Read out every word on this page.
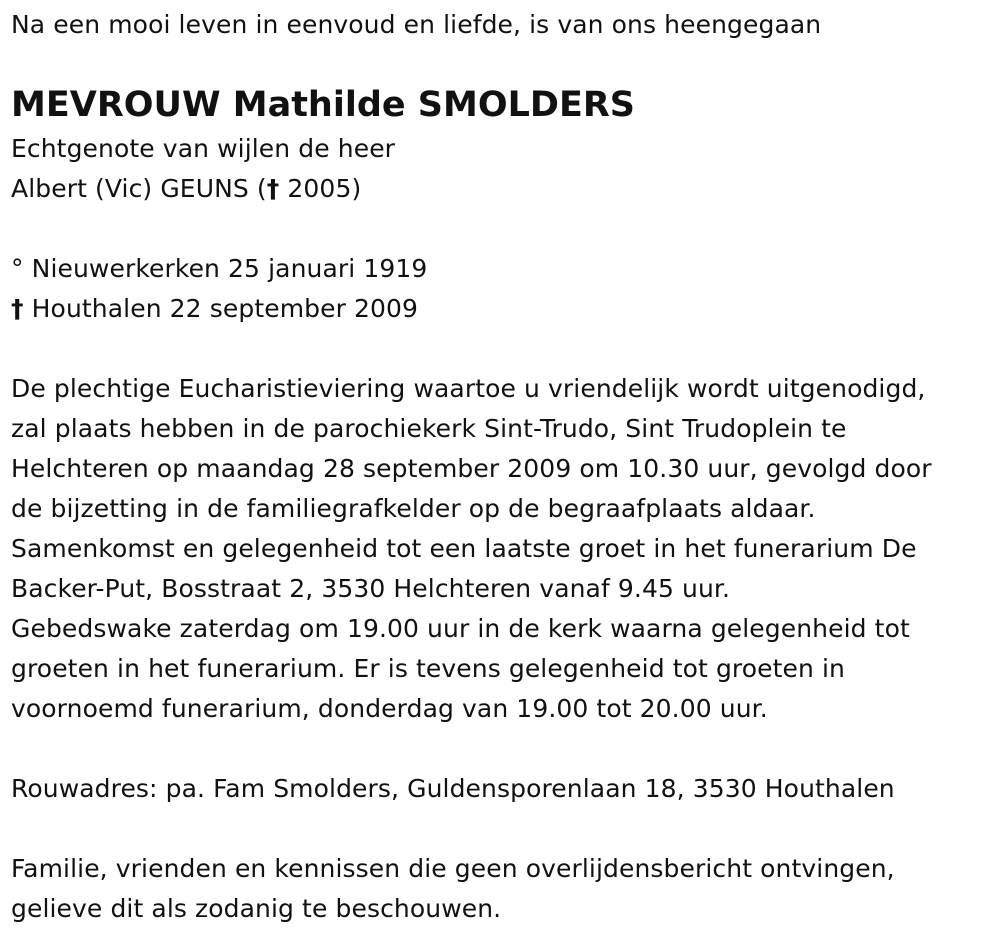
Na een mooi leven in eenvoud en liefde, is van ons heengegaan
MEVROUW Mathilde SMOLDERS
Echtgenote van wijlen de heer
Albert (Vic) GEUNS († 2005)
° Nieuwerkerken 25 januari 1919
† Houthalen 22 september 2009
De plechtige Eucharistieviering waartoe u vriendelijk wordt uitgenodigd,
zal plaats hebben in de parochiekerk Sint-Trudo, Sint Trudoplein te
Helchteren op maandag 28 september 2009 om 10.30 uur, gevolgd door
de bijzetting in de familiegrafkelder op de begraafplaats aldaar.
Samenkomst en gelegenheid tot een laatste groet in het funerarium De
Backer-Put, Bosstraat 2, 3530 Helchteren vanaf 9.45 uur.
Gebedswake zaterdag om 19.00 uur in de kerk waarna gelegenheid tot
groeten in het funerarium. Er is tevens gelegenheid tot groeten in
voornoemd funerarium, donderdag van 19.00 tot 20.00 uur.
Rouwadres: pa. Fam Smolders, Guldensporenlaan 18, 3530 Houthalen
Familie, vrienden en kennissen die geen overlijdensbericht ontvingen,
gelieve dit als zodanig te beschouwen.
